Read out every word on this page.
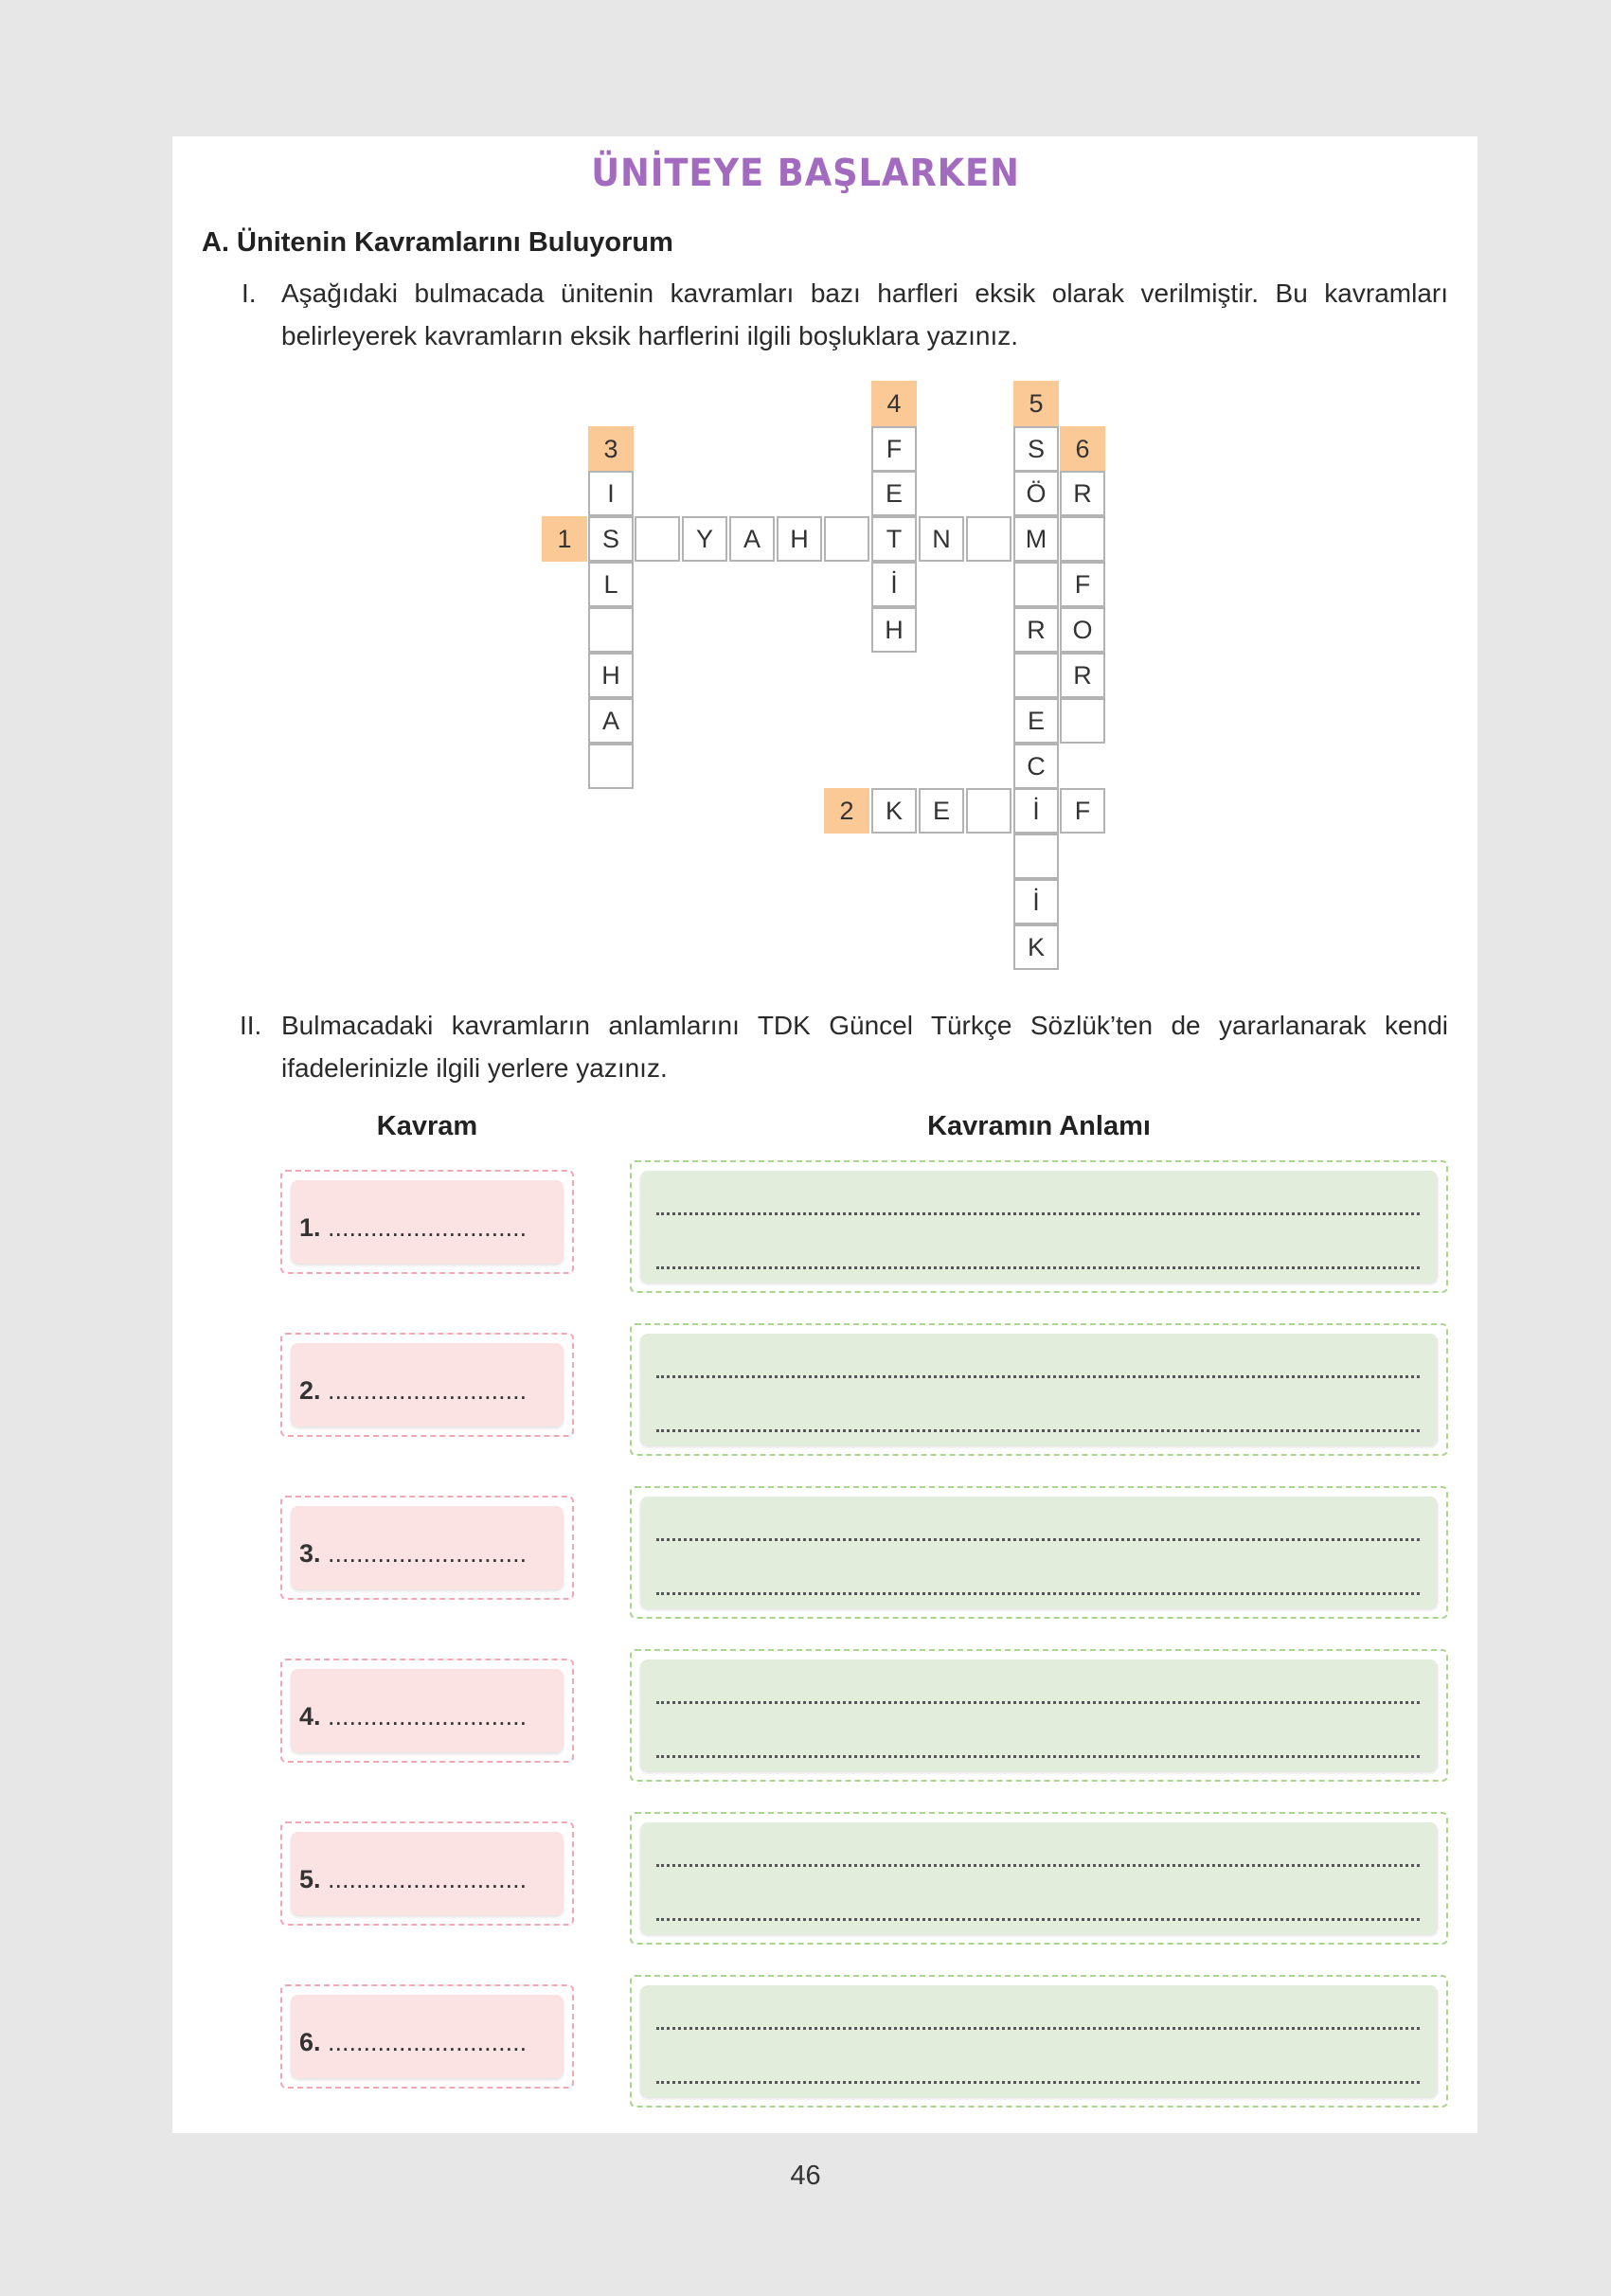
ÜNİTEYE BAŞLARKEN
A. Ünitenin Kavramlarını Buluyorum
I. Aşağıdaki bulmacada ünitenin kavramları bazı harfleri eksik olarak verilmiştir. Bu kavramları belirleyerek kavramların eksik harflerini ilgili boşluklara yazınız.
1
2
3
4	5
6
I
S
L
H
A
Y	A	H	N
F
E
T
İ
H
S
Ö
M
R
E
C
İ
İ
K
R
F
O
R
K	E	F
II. Bulmacadaki kavramların anlamlarını TDK Güncel Türkçe Sözlük’ten de yararlanarak kendi ifadelerinizle ilgili yerlere yazınız.
Kavram	Kavramın Anlamı
1. ............................
2. ............................
3. ............................
4. ............................
5. ............................
6. ............................
46
